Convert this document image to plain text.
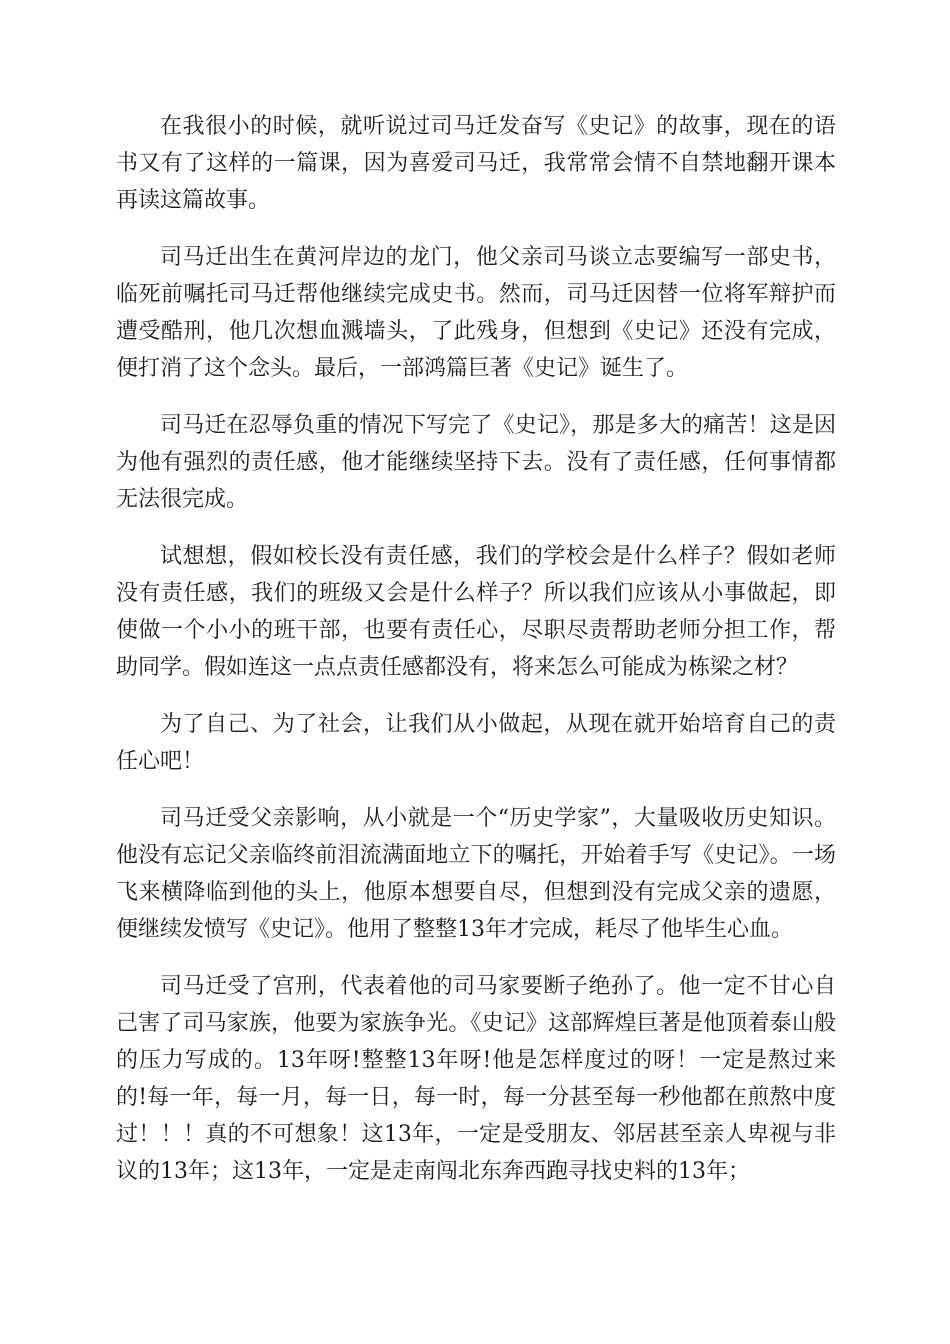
在我很小的时候，就听说过司马迁发奋写《史记》的故事，现在的语书又有了这样的一篇课，因为喜爱司马迁，我常常会情不自禁地翻开课本再读这篇故事。

司马迁出生在黄河岸边的龙门，他父亲司马谈立志要编写一部史书，临死前嘱托司马迁帮他继续完成史书。然而，司马迁因替一位将军辩护而遭受酷刑，他几次想血溅墙头，了此残身，但想到《史记》还没有完成，便打消了这个念头。最后，一部鸿篇巨著《史记》诞生了。

司马迁在忍辱负重的情况下写完了《史记》，那是多大的痛苦！这是因为他有强烈的责任感，他才能继续坚持下去。没有了责任感，任何事情都无法很完成。

试想想，假如校长没有责任感，我们的学校会是什么样子？假如老师没有责任感，我们的班级又会是什么样子？所以我们应该从小事做起，即使做一个小小的班干部，也要有责任心，尽职尽责帮助老师分担工作，帮助同学。假如连这一点点责任感都没有，将来怎么可能成为栋梁之材？

为了自己、为了社会，让我们从小做起，从现在就开始培育自己的责任心吧！

司马迁受父亲影响，从小就是一个“历史学家”，大量吸收历史知识。他没有忘记父亲临终前泪流满面地立下的嘱托，开始着手写《史记》。一场飞来横降临到他的头上，他原本想要自尽，但想到没有完成父亲的遗愿，便继续发愤写《史记》。他用了整整13年才完成，耗尽了他毕生心血。

司马迁受了宫刑，代表着他的司马家要断子绝孙了。他一定不甘心自己害了司马家族，他要为家族争光。《史记》这部辉煌巨著是他顶着泰山般的压力写成的。13年呀!整整13年呀!他是怎样度过的呀！一定是熬过来的!每一年，每一月，每一日，每一时，每一分甚至每一秒他都在煎熬中度过！！！真的不可想象！这13年，一定是受朋友、邻居甚至亲人卑视与非议的13年；这13年，一定是走南闯北东奔西跑寻找史料的13年；
